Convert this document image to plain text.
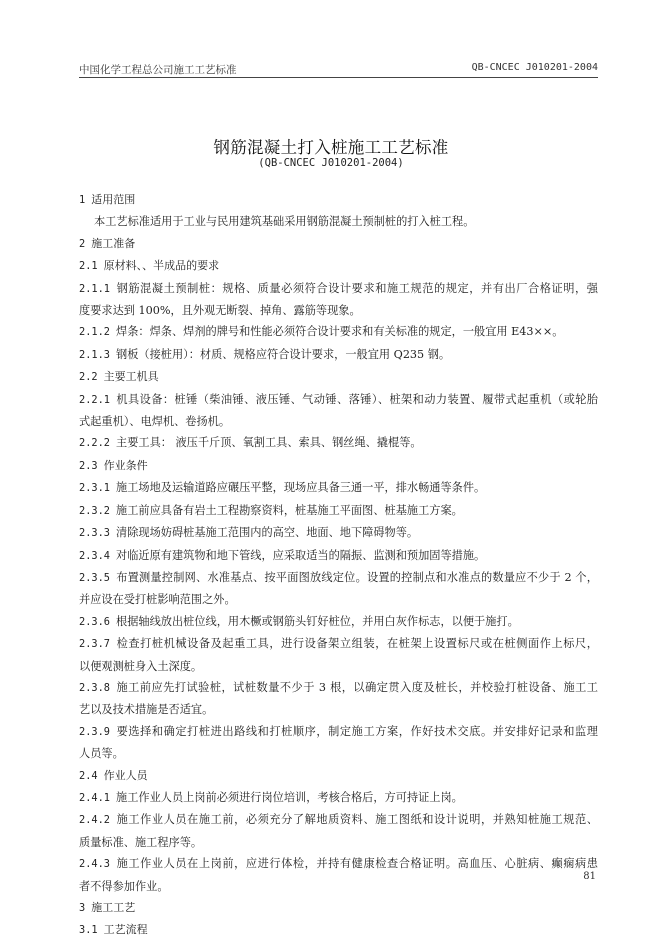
中国化学工程总公司施工工艺标准	QB-CNCEC J010201-2004
钢筋混凝土打入桩施工工艺标准
(QB-CNCEC J010201-2004)
1 适用范围
本工艺标准适用于工业与民用建筑基础采用钢筋混凝土预制桩的打入桩工程。
2 施工准备
2.1 原材料、、半成品的要求
2.1.1 钢筋混凝土预制桩：规格、质量必须符合设计要求和施工规范的规定，并有出厂合格证明，强
度要求达到 100%，且外观无断裂、掉角、露筋等现象。
2.1.2 焊条：焊条、焊剂的牌号和性能必须符合设计要求和有关标准的规定，一般宜用 E43××。
2.1.3 钢板（接桩用）：材质、规格应符合设计要求，一般宜用 Q235 钢。
2.2 主要工机具
2.2.1 机具设备：桩锤（柴油锤、液压锤、气动锤、落锤）、桩架和动力装置、履带式起重机（或轮胎
式起重机）、电焊机、卷扬机。
2.2.2 主要工具： 液压千斤顶、氧割工具、索具、钢丝绳、撬棍等。
2.3 作业条件
2.3.1 施工场地及运输道路应碾压平整，现场应具备三通一平，排水畅通等条件。
2.3.2 施工前应具备有岩土工程勘察资料，桩基施工平面图、桩基施工方案。
2.3.3 清除现场妨碍桩基施工范围内的高空、地面、地下障碍物等。
2.3.4 对临近原有建筑物和地下管线，应采取适当的隔振、监测和预加固等措施。
2.3.5 布置测量控制网、水准基点、按平面图放线定位。设置的控制点和水准点的数量应不少于 2 个，
并应设在受打桩影响范围之外。
2.3.6 根据轴线放出桩位线，用木橛或钢筋头钉好桩位，并用白灰作标志，以便于施打。
2.3.7 检查打桩机械设备及起重工具，进行设备架立组装，在桩架上设置标尺或在桩侧面作上标尺，
以便观测桩身入土深度。
2.3.8 施工前应先打试验桩，试桩数量不少于 3 根，以确定贯入度及桩长，并校验打桩设备、施工工
艺以及技术措施是否适宜。
2.3.9 要选择和确定打桩进出路线和打桩顺序，制定施工方案，作好技术交底。并安排好记录和监理
人员等。
2.4 作业人员
2.4.1 施工作业人员上岗前必须进行岗位培训，考核合格后，方可持证上岗。
2.4.2 施工作业人员在施工前，必须充分了解地质资料、施工图纸和设计说明，并熟知桩施工规范、
质量标准、施工程序等。
2.4.3 施工作业人员在上岗前，应进行体检，并持有健康检查合格证明。高血压、心脏病、癫痫病患
者不得参加作业。
3 施工工艺
3.1 工艺流程
81
